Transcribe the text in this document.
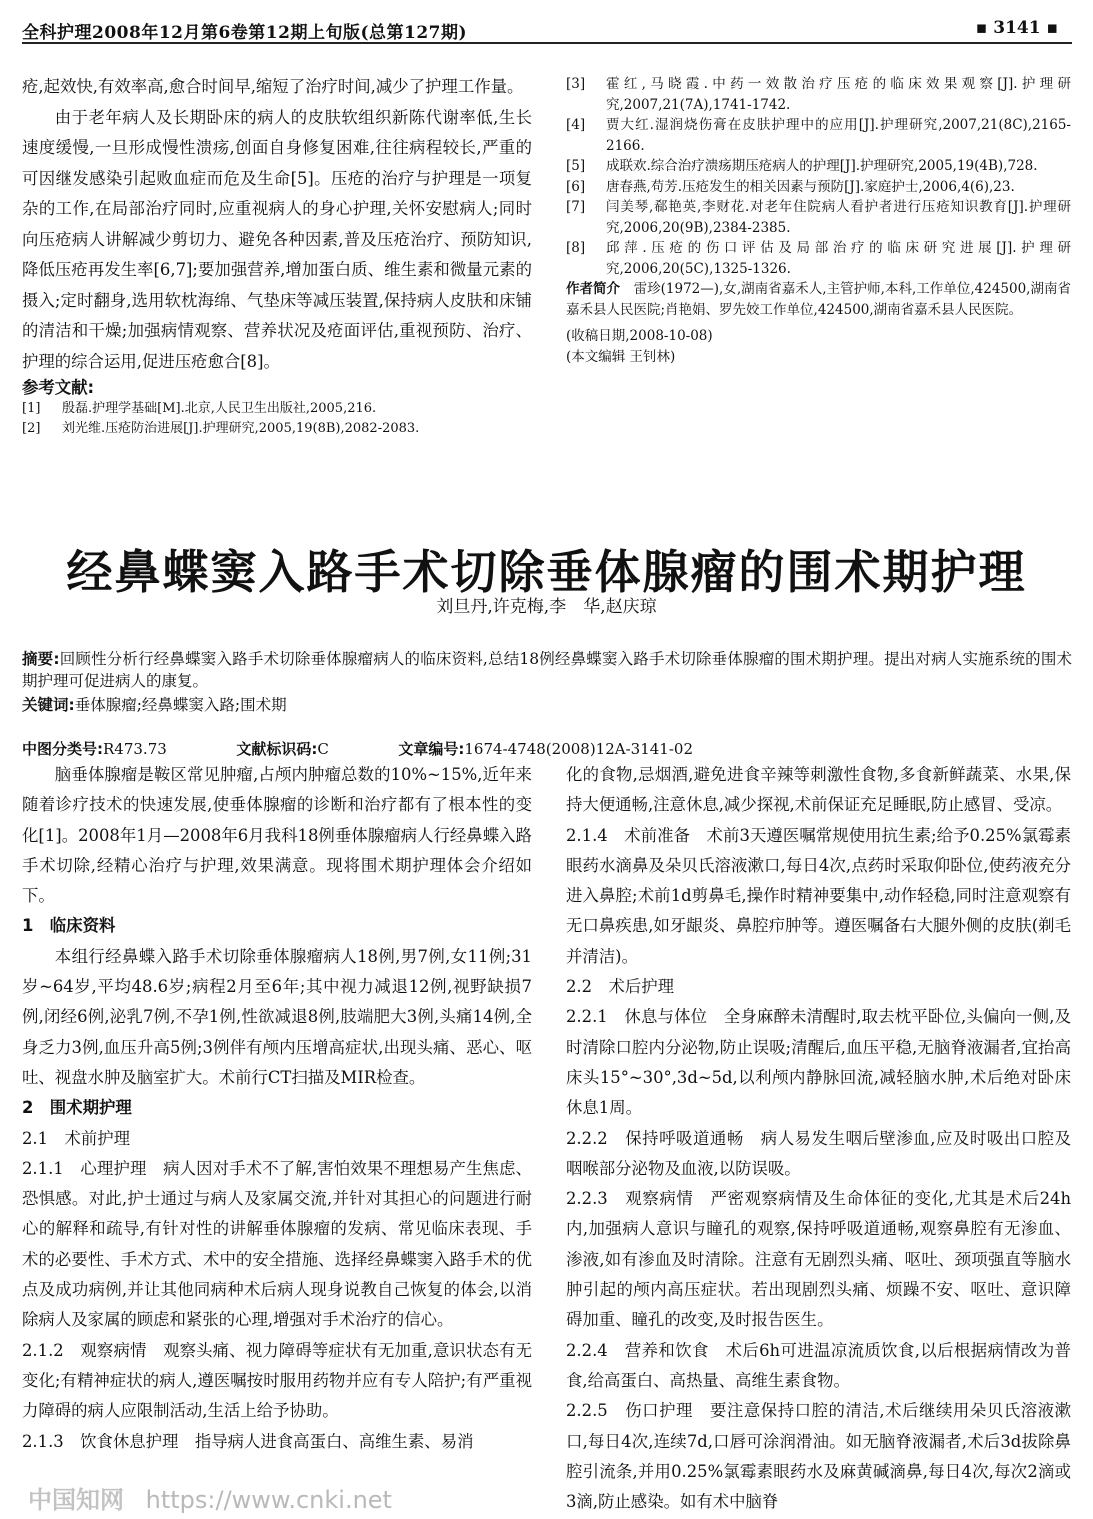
全科护理2008年12月第6卷第12期上旬版(总第127期)	▪ 3141 ▪

疮,起效快,有效率高,愈合时间早,缩短了治疗时间,减少了护理工作量。

由于老年病人及长期卧床的病人的皮肤软组织新陈代谢率低,生长速度缓慢,一旦形成慢性溃疡,创面自身修复困难,往往病程较长,严重的可因继发感染引起败血症而危及生命[5]。压疮的治疗与护理是一项复杂的工作,在局部治疗同时,应重视病人的身心护理,关怀安慰病人;同时向压疮病人讲解减少剪切力、避免各种因素,普及压疮治疗、预防知识,降低压疮再发生率[6,7];要加强营养,增加蛋白质、维生素和微量元素的摄入;定时翻身,选用软枕海绵、气垫床等减压装置,保持病人皮肤和床铺的清洁和干燥;加强病情观察、营养状况及疮面评估,重视预防、治疗、护理的综合运用,促进压疮愈合[8]。

参考文献:

[1] 殷磊.护理学基础[M].北京,人民卫生出版社,2005,216.

[2] 刘光维.压疮防治进展[J].护理研究,2005,19(8B),2082-2083.

[3] 霍红,马晓霞.中药一效散治疗压疮的临床效果观察[J].护理研究,2007,21(7A),1741-1742.

[4] 贾大红.湿润烧伤膏在皮肤护理中的应用[J].护理研究,2007,21(8C),2165-2166.

[5] 成联欢.综合治疗溃疡期压疮病人的护理[J].护理研究,2005,19(4B),728.

[6] 唐春燕,苟芳.压疮发生的相关因素与预防[J].家庭护士,2006,4(6),23.

[7] 闫美琴,郗艳英,李财花.对老年住院病人看护者进行压疮知识教育[J].护理研究,2006,20(9B),2384-2385.

[8] 邱萍.压疮的伤口评估及局部治疗的临床研究进展[J].护理研究,2006,20(5C),1325-1326.

作者简介　 雷珍(1972—),女,湖南省嘉禾人,主管护师,本科,工作单位,424500,湖南省嘉禾县人民医院;肖艳娟、罗先姣工作单位,424500,湖南省嘉禾县人民医院。

(收稿日期,2008-10-08)

(本文编辑 王钊林)

经鼻蝶窦入路手术切除垂体腺瘤的围术期护理
刘旦丹,许克梅,李　华,赵庆琼

摘要:回顾性分析行经鼻蝶窦入路手术切除垂体腺瘤病人的临床资料,总结18例经鼻蝶窦入路手术切除垂体腺瘤的围术期护理。提出对病人实施系统的围术期护理可促进病人的康复。

关键词:垂体腺瘤;经鼻蝶窦入路;围术期

中图分类号:R473.73	文献标识码:C	文章编号:1674-4748(2008)12A-3141-02

脑垂体腺瘤是鞍区常见肿瘤,占颅内肿瘤总数的10%~15%,近年来随着诊疗技术的快速发展,使垂体腺瘤的诊断和治疗都有了根本性的变化[1]。2008年1月—2008年6月我科18例垂体腺瘤病人行经鼻蝶入路手术切除,经精心治疗与护理,效果满意。现将围术期护理体会介绍如下。

1　临床资料

本组行经鼻蝶入路手术切除垂体腺瘤病人18例,男7例,女11例;31岁~64岁,平均48.6岁;病程2月至6年;其中视力减退12例,视野缺损7例,闭经6例,泌乳7例,不孕1例,性欲减退8例,肢端肥大3例,头痛14例,全身乏力3例,血压升高5例;3例伴有颅内压增高症状,出现头痛、恶心、呕吐、视盘水肿及脑室扩大。术前行CT扫描及MIR检查。

2　围术期护理

2.1　术前护理

2.1.1　心理护理　 病人因对手术不了解,害怕效果不理想易产生焦虑、恐惧感。对此,护士通过与病人及家属交流,并针对其担心的问题进行耐心的解释和疏导,有针对性的讲解垂体腺瘤的发病、常见临床表现、手术的必要性、手术方式、术中的安全措施、选择经鼻蝶窦入路手术的优点及成功病例,并让其他同病种术后病人现身说教自己恢复的体会,以消除病人及家属的顾虑和紧张的心理,增强对手术治疗的信心。

2.1.2　观察病情　 观察头痛、视力障碍等症状有无加重,意识状态有无变化;有精神症状的病人,遵医嘱按时服用药物并应有专人陪护;有严重视力障碍的病人应限制活动,生活上给予协助。

2.1.3　饮食休息护理　 指导病人进食高蛋白、高维生素、易消

化的食物,忌烟酒,避免进食辛辣等刺激性食物,多食新鲜蔬菜、水果,保持大便通畅,注意休息,减少探视,术前保证充足睡眠,防止感冒、受凉。

2.1.4　术前准备　 术前3天遵医嘱常规使用抗生素;给予0.25%氯霉素眼药水滴鼻及朵贝氏溶液漱口,每日4次,点药时采取仰卧位,使药液充分进入鼻腔;术前1d剪鼻毛,操作时精神要集中,动作轻稳,同时注意观察有无口鼻疾患,如牙龈炎、鼻腔疖肿等。遵医嘱备右大腿外侧的皮肤(剃毛并清洁)。

2.2　术后护理

2.2.1　休息与体位　 全身麻醉未清醒时,取去枕平卧位,头偏向一侧,及时清除口腔内分泌物,防止误吸;清醒后,血压平稳,无脑脊液漏者,宜抬高床头15°~30°,3d~5d,以利颅内静脉回流,减轻脑水肿,术后绝对卧床休息1周。

2.2.2　保持呼吸道通畅　 病人易发生咽后壁渗血,应及时吸出口腔及咽喉部分泌物及血液,以防误吸。

2.2.3　观察病情　 严密观察病情及生命体征的变化,尤其是术后24h内,加强病人意识与瞳孔的观察,保持呼吸道通畅,观察鼻腔有无渗血、渗液,如有渗血及时清除。注意有无剧烈头痛、呕吐、颈项强直等脑水肿引起的颅内高压症状。若出现剧烈头痛、烦躁不安、呕吐、意识障碍加重、瞳孔的改变,及时报告医生。

2.2.4　营养和饮食　 术后6h可进温凉流质饮食,以后根据病情改为普食,给高蛋白、高热量、高维生素食物。

2.2.5　伤口护理　 要注意保持口腔的清洁,术后继续用朵贝氏溶液漱口,每日4次,连续7d,口唇可涂润滑油。如无脑脊液漏者,术后3d拔除鼻腔引流条,并用0.25%氯霉素眼药水及麻黄碱滴鼻,每日4次,每次2滴或3滴,防止感染。如有术中脑脊

中国知网 https://www.cnki.net
